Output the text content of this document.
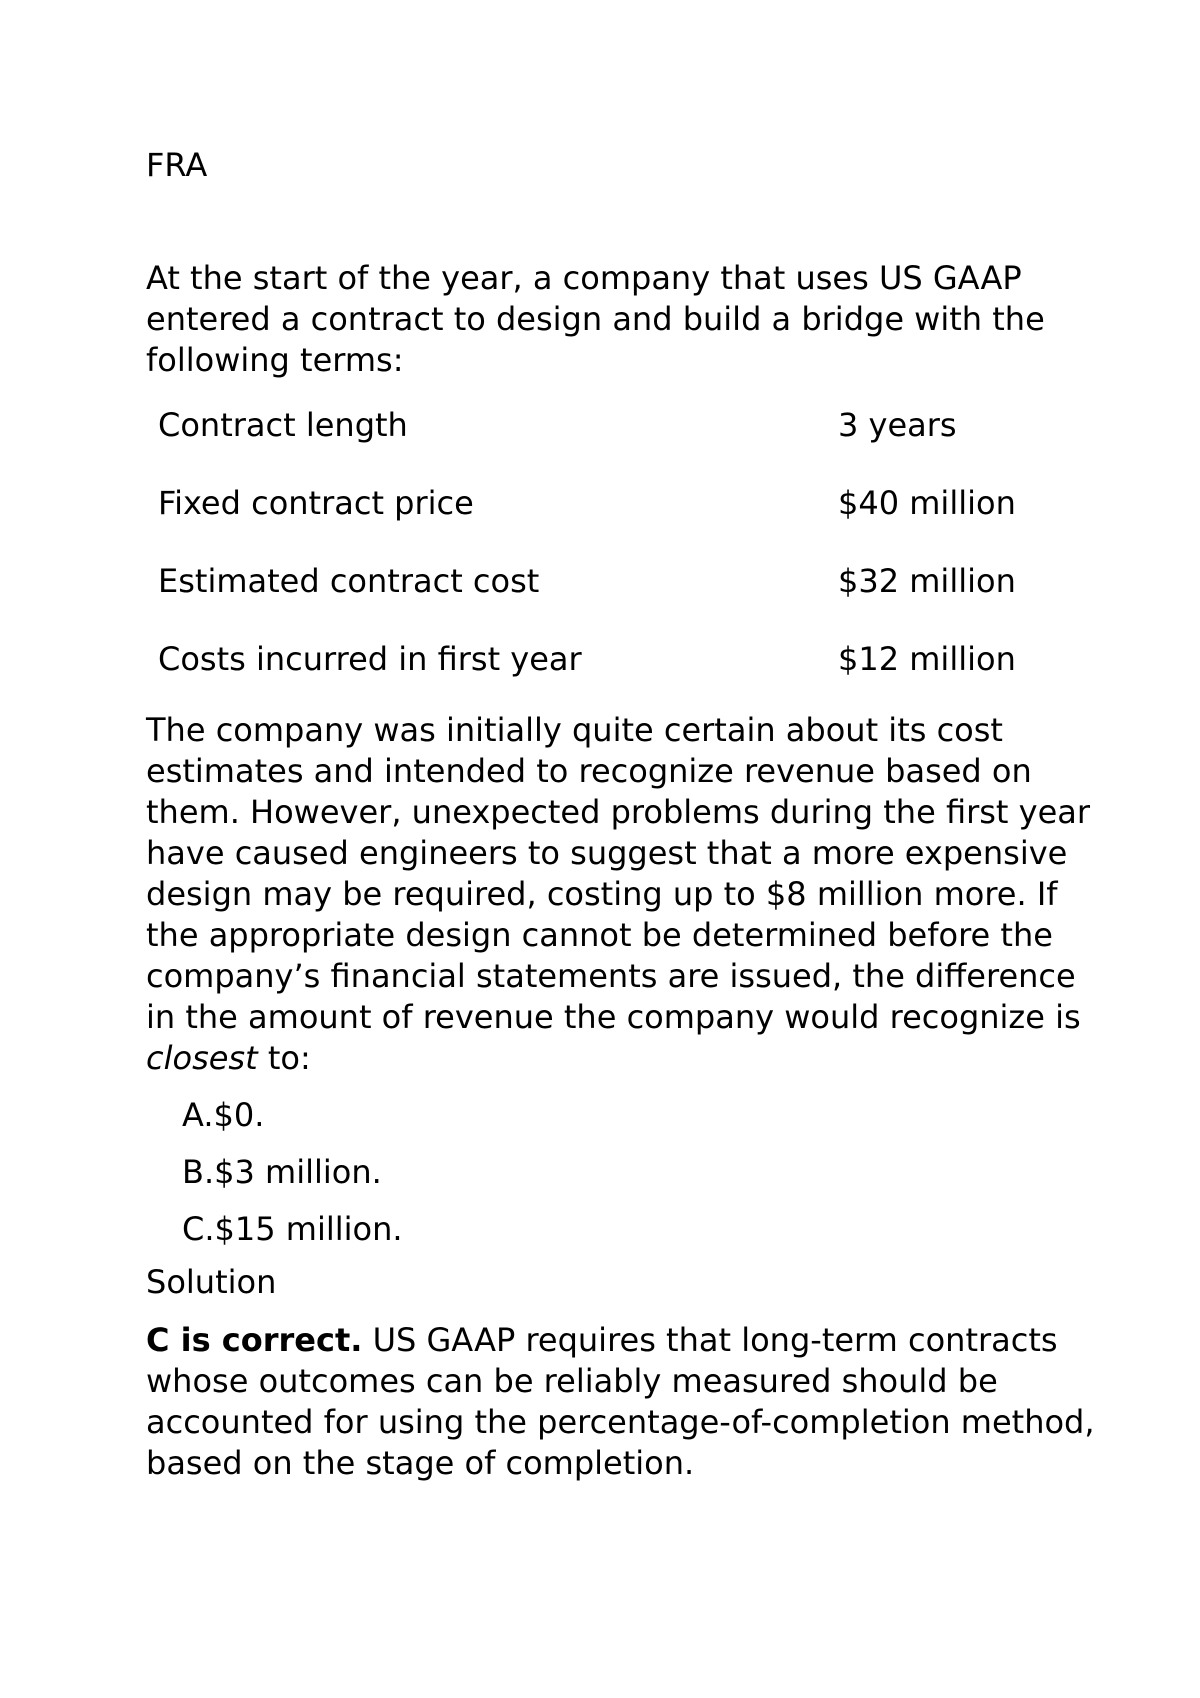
FRA

At the start of the year, a company that uses US GAAP entered a contract to design and build a bridge with the following terms:

Contract length	3 years
Fixed contract price	$40 million
Estimated contract cost	$32 million
Costs incurred in first year	$12 million

The company was initially quite certain about its cost estimates and intended to recognize revenue based on them. However, unexpected problems during the first year have caused engineers to suggest that a more expensive design may be required, costing up to $8 million more. If the appropriate design cannot be determined before the company’s financial statements are issued, the difference in the amount of revenue the company would recognize is closest to:

A. $0.
B. $3 million.
C. $15 million.

Solution

C is correct. US GAAP requires that long-term contracts whose outcomes can be reliably measured should be accounted for using the percentage-of-completion method, based on the stage of completion.
